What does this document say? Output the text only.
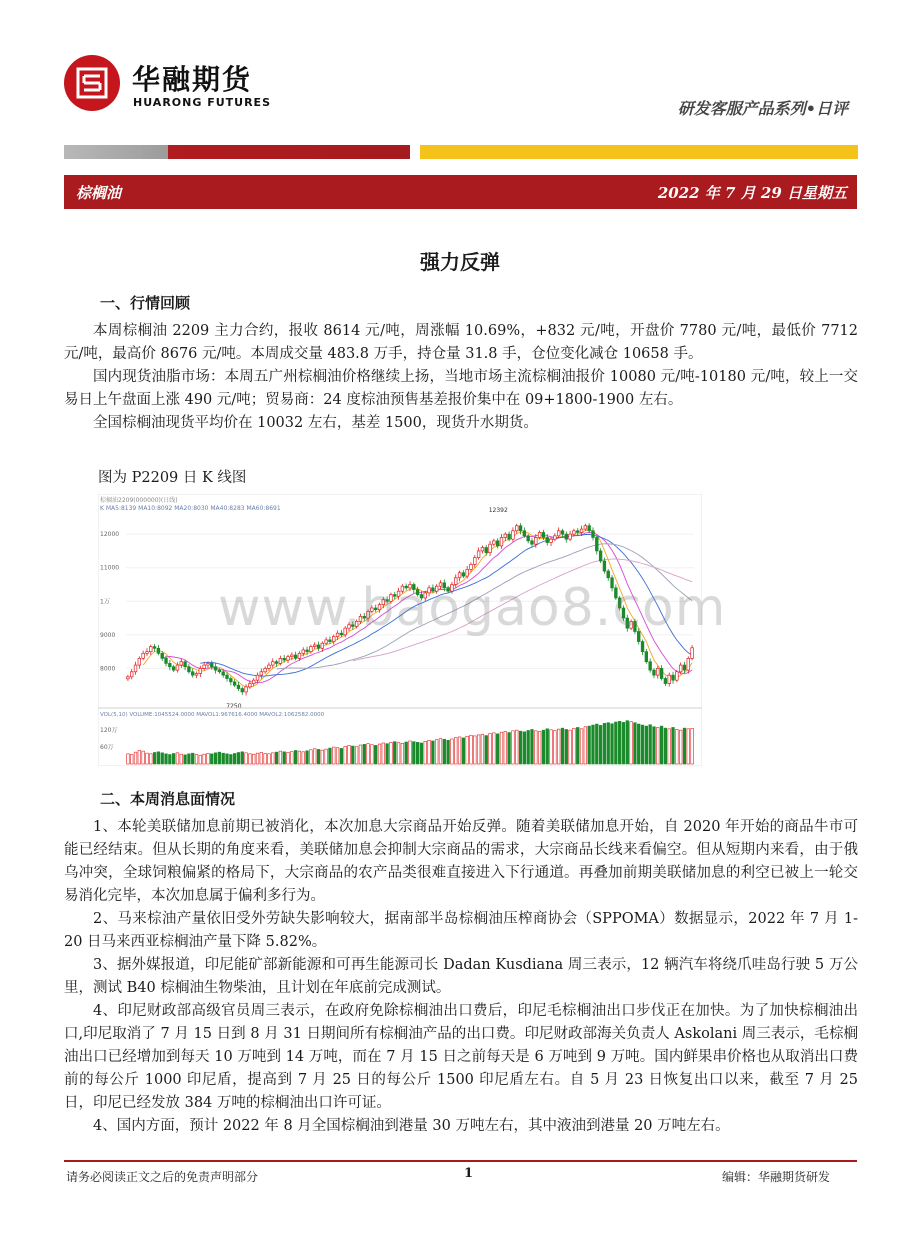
华融期货
HUARONG FUTURES	研发客服产品系列•日评
棕榈油	2022 年 7 月 29 日星期五
强力反弹
一、行情回顾

本周棕榈油 2209 主力合约，报收 8614 元/吨，周涨幅 10.69%，+832 元/吨，开盘价 7780 元/吨，最低价 7712 元/吨，最高价 8676 元/吨。本周成交量 483.8 万手，持仓量 31.8 手，仓位变化减仓 10658 手。

国内现货油脂市场：本周五广州棕榈油价格继续上扬，当地市场主流棕榈油报价 10080 元/吨-10180 元/吨，较上一交易日上午盘面上涨 490 元/吨；贸易商：24 度棕油预售基差报价集中在 09+1800-1900 左右。

全国棕榈油现货平均价在 10032 左右，基差 1500，现货升水期货。

图为 P2209 日 K 线图
棕榈油2209(000000)(日线)
K MA5:8139 MA10:8092 MA20:8030 MA40:8283 MA60:8691
12000
11000
1万
9000
8000
12392
7250
VOL(5,10) VOLUME:1045524.0000 MAVOL1:967616.4000 MAVOL2:1062582.0000
120万
60万
www.baogao8.com
二、本周消息面情况

1、本轮美联储加息前期已被消化，本次加息大宗商品开始反弹。随着美联储加息开始，自 2020 年开始的商品牛市可能已经结束。但从长期的角度来看，美联储加息会抑制大宗商品的需求，大宗商品长线来看偏空。但从短期内来看，由于俄乌冲突，全球饲粮偏紧的格局下，大宗商品的农产品类很难直接进入下行通道。再叠加前期美联储加息的利空已被上一轮交易消化完毕，本次加息属于偏利多行为。

2、马来棕油产量依旧受外劳缺失影响较大，据南部半岛棕榈油压榨商协会（SPPOMA）数据显示，2022 年 7 月 1-20 日马来西亚棕榈油产量下降 5.82%。

3、据外媒报道，印尼能矿部新能源和可再生能源司长 Dadan Kusdiana 周三表示，12 辆汽车将绕爪哇岛行驶 5 万公里，测试 B40 棕榈油生物柴油，且计划在年底前完成测试。

4、印尼财政部高级官员周三表示，在政府免除棕榈油出口费后，印尼毛棕榈油出口步伐正在加快。为了加快棕榈油出口,印尼取消了 7 月 15 日到 8 月 31 日期间所有棕榈油产品的出口费。印尼财政部海关负责人 Askolani 周三表示，毛棕榈油出口已经增加到每天 10 万吨到 14 万吨，而在 7 月 15 日之前每天是 6 万吨到 9 万吨。国内鲜果串价格也从取消出口费前的每公斤 1000 印尼盾，提高到 7 月 25 日的每公斤 1500 印尼盾左右。自 5 月 23 日恢复出口以来，截至 7 月 25 日，印尼已经发放 384 万吨的棕榈油出口许可证。

4、国内方面，预计 2022 年 8 月全国棕榈油到港量 30 万吨左右，其中液油到港量 20 万吨左右。

请务必阅读正文之后的免责声明部分	1	编辑：华融期货研发
